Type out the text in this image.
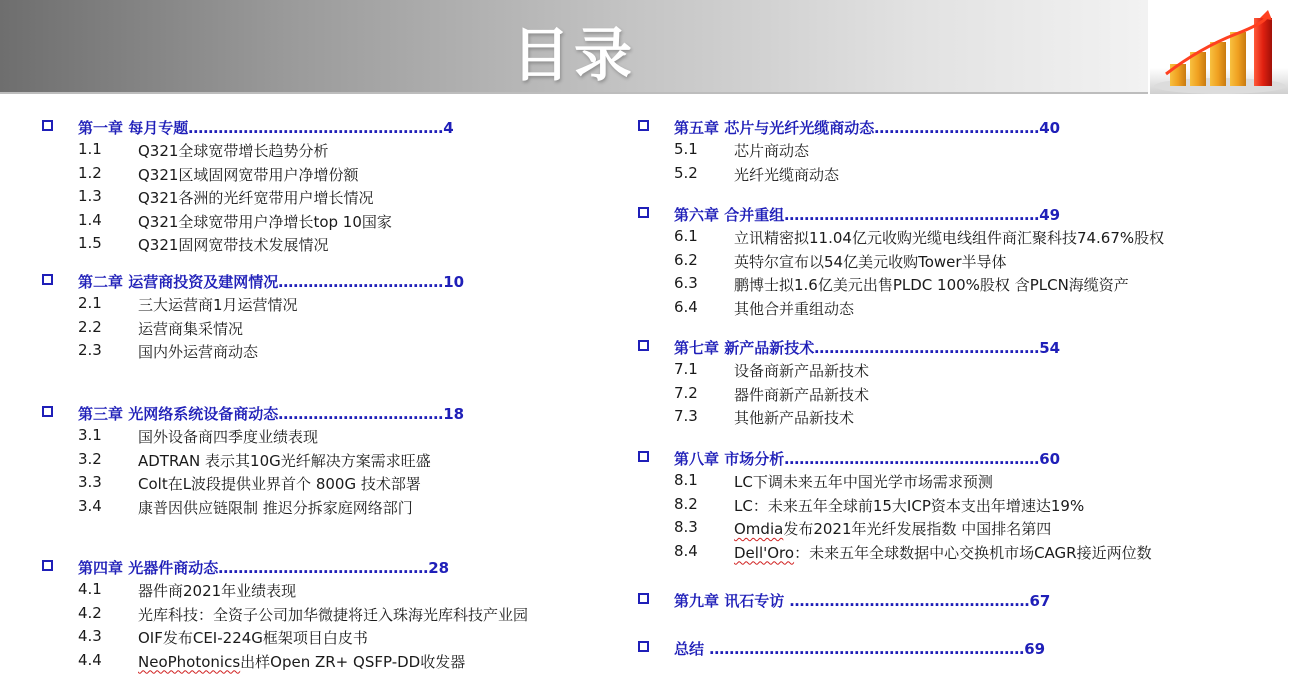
目录
第一章 每月专题……………………………………………4
1.1 Q321全球宽带增长趋势分析
1.2 Q321区域固网宽带用户净增份额
1.3 Q321各洲的光纤宽带用户增长情况
1.4 Q321全球宽带用户净增长top 10国家
1.5 Q321固网宽带技术发展情况
第二章 运营商投资及建网情况……………………………10
2.1 三大运营商1月运营情况
2.2 运营商集采情况
2.3 国内外运营商动态
第三章 光网络系统设备商动态……………………………18
3.1 国外设备商四季度业绩表现
3.2 ADTRAN 表示其10G光纤解决方案需求旺盛
3.3 Colt在L波段提供业界首个 800G 技术部署
3.4 康普因供应链限制 推迟分拆家庭网络部门
第四章 光器件商动态……………………………………28
4.1 器件商2021年业绩表现
4.2 光库科技：全资子公司加华微捷将迁入珠海光库科技产业园
4.3 OIF发布CEI-224G框架项目白皮书
4.4 NeoPhotonics出样Open ZR+ QSFP-DD收发器
第五章 芯片与光纤光缆商动态……………………………40
5.1 芯片商动态
5.2 光纤光缆商动态
第六章 合并重组……………………………………………49
6.1 立讯精密拟11.04亿元收购光缆电线组件商汇聚科技74.67%股权
6.2 英特尔宣布以54亿美元收购Tower半导体
6.3 鹏博士拟1.6亿美元出售PLDC 100%股权 含PLCN海缆资产
6.4 其他合并重组动态
第七章 新产品新技术………………………………………54
7.1 设备商新产品新技术
7.2 器件商新产品新技术
7.3 其他新产品新技术
第八章 市场分析……………………………………………60
8.1 LC下调未来五年中国光学市场需求预测
8.2 LC：未来五年全球前15大ICP资本支出年增速达19%
8.3 Omdia发布2021年光纤发展指数 中国排名第四
8.4 Dell'Oro：未来五年全球数据中心交换机市场CAGR接近两位数
第九章 讯石专访 …………………………………………67
总结 ………………………………………………………69
